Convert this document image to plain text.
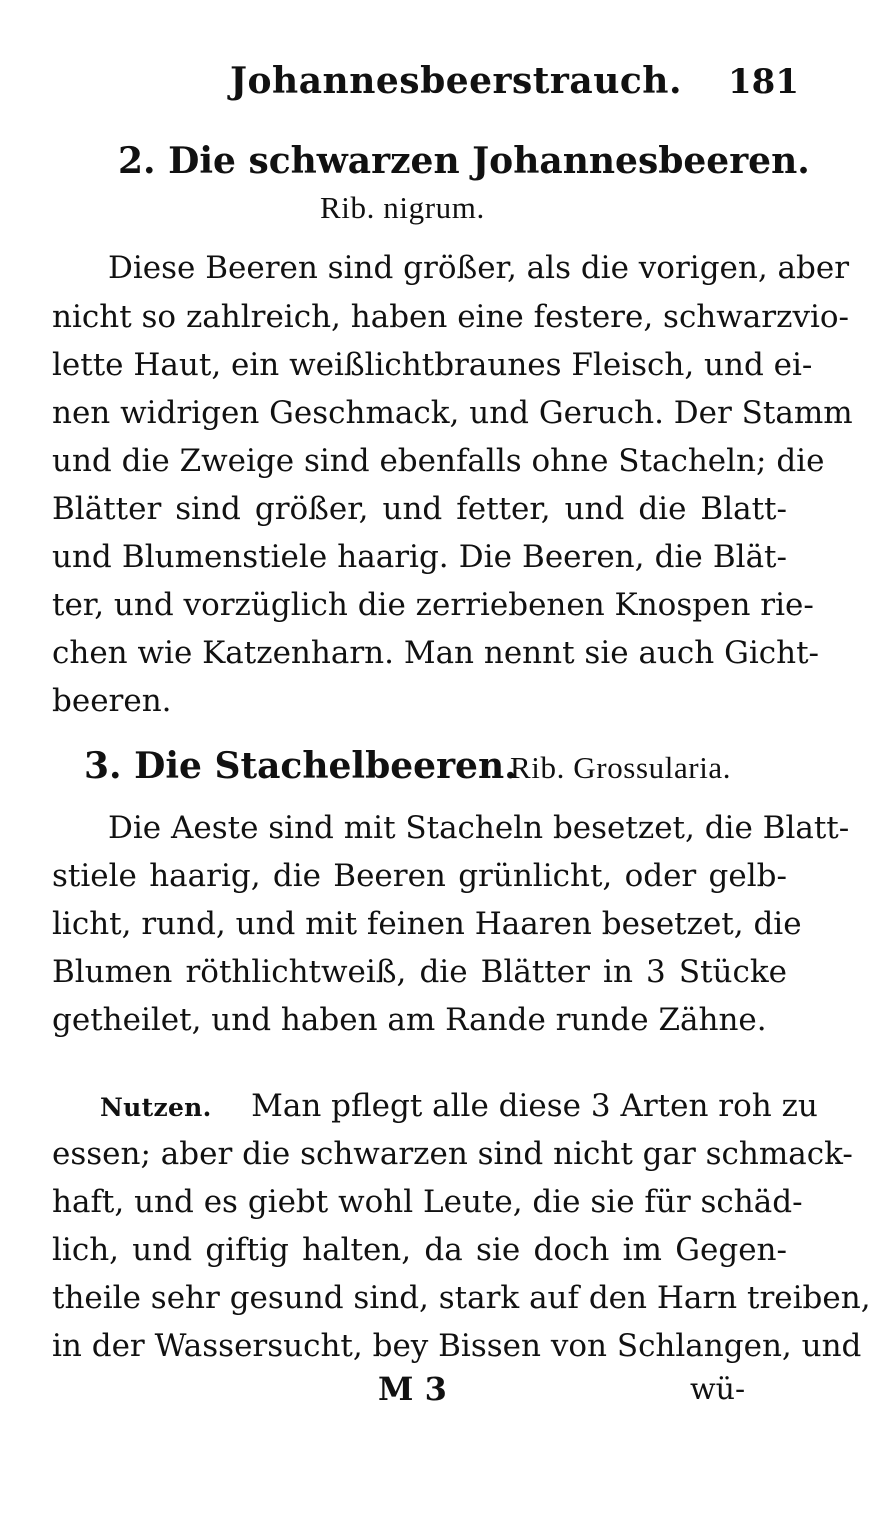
Johannesbeerstrauch. 181
2. Die schwarzen Johannesbeeren.
Rib. nigrum.
Diese Beeren sind größer, als die vorigen, aber
nicht so zahlreich, haben eine festere, schwarzvio-
lette Haut, ein weißlichtbraunes Fleisch, und ei-
nen widrigen Geschmack, und Geruch. Der Stamm
und die Zweige sind ebenfalls ohne Stacheln; die
Blätter sind größer, und fetter, und die Blatt-
und Blumenstiele haarig. Die Beeren, die Blät-
ter, und vorzüglich die zerriebenen Knospen rie-
chen wie Katzenharn. Man nennt sie auch Gicht-
beeren.
3. Die Stachelbeeren.
Rib. Grossularia.
Die Aeste sind mit Stacheln besetzet, die Blatt-
stiele haarig, die Beeren grünlicht, oder gelb-
licht, rund, und mit feinen Haaren besetzet, die
Blumen röthlichtweiß, die Blätter in 3 Stücke
getheilet, und haben am Rande runde Zähne.
Nutzen. Man pflegt alle diese 3 Arten roh zu
essen; aber die schwarzen sind nicht gar schmack-
haft, und es giebt wohl Leute, die sie für schäd-
lich, und giftig halten, da sie doch im Gegen-
theile sehr gesund sind, stark auf den Harn treiben,
in der Wassersucht, bey Bissen von Schlangen, und
M 3	wü-
